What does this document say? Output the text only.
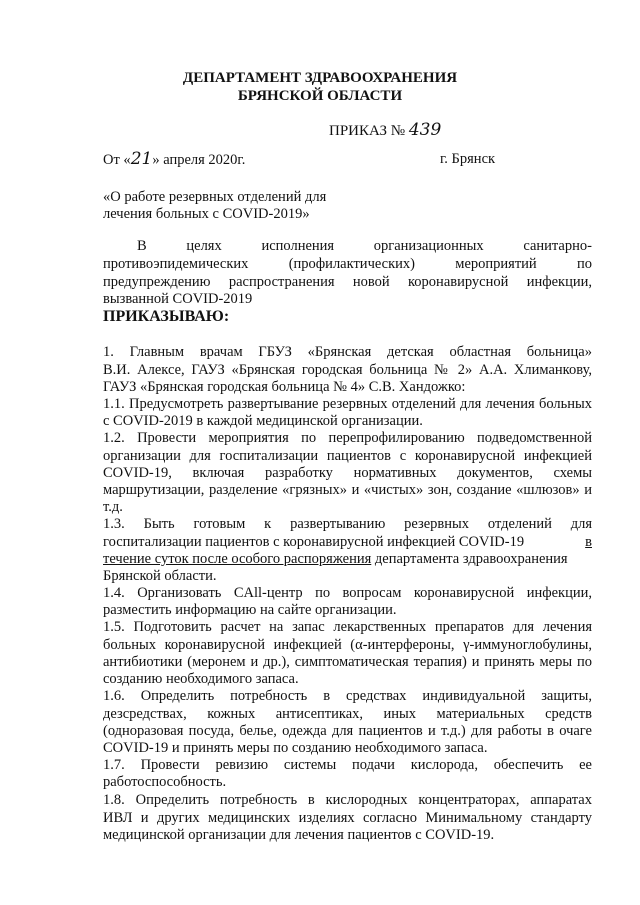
ДЕПАРТАМЕНТ ЗДРАВООХРАНЕНИЯ
БРЯНСКОЙ ОБЛАСТИ
ПРИКАЗ № 439
От «21» апреля 2020г.	г. Брянск
«О работе резервных отделений для
лечения больных с COVID-2019»
В	целях	исполнения	организационных	санитарно-
противоэпидемических	(профилактических)	мероприятий	по
предупреждению распространения новой коронавирусной инфекции,
вызванной COVID-2019
ПРИКАЗЫВАЮ:
1. Главным врачам ГБУЗ «Брянская детская областная больница»
В.И. Алексе, ГАУЗ «Брянская городская больница № 2» А.А. Хлиманкову,
ГАУЗ «Брянская городская больница № 4» С.В. Хандожко:
1.1. Предусмотреть развертывание резервных отделений для лечения больных
с COVID-2019 в каждой медицинской организации.
1.2. Провести мероприятия по перепрофилированию подведомственной
организации для госпитализации пациентов с коронавирусной инфекцией
COVID-19, включая разработку нормативных документов, схемы
маршрутизации, разделение «грязных» и «чистых» зон, создание «шлюзов» и
т.д.
1.3. Быть готовым к развертыванию резервных отделений для
госпитализации пациентов с коронавирусной инфекцией COVID-19	в
течение суток после особого распоряжения департамента здравоохранения
Брянской области.
1.4. Организовать CAll-центр по вопросам коронавирусной инфекции,
разместить информацию на сайте организации.
1.5. Подготовить расчет на запас лекарственных препаратов для лечения
больных коронавирусной инфекцией (α-интерфероны, γ-иммуноглобулины,
антибиотики (меронем и др.), симптоматическая терапия) и принять меры по
созданию необходимого запаса.
1.6. Определить потребность в средствах индивидуальной защиты,
дезсредствах, кожных антисептиках, иных материальных средств
(одноразовая посуда, белье, одежда для пациентов и т.д.) для работы в очаге
COVID-19 и принять меры по созданию необходимого запаса.
1.7. Провести ревизию системы подачи кислорода, обеспечить ее
работоспособность.
1.8. Определить потребность в кислородных концентраторах, аппаратах
ИВЛ и других медицинских изделиях согласно Минимальному стандарту
медицинской организации для лечения пациентов с COVID-19.
